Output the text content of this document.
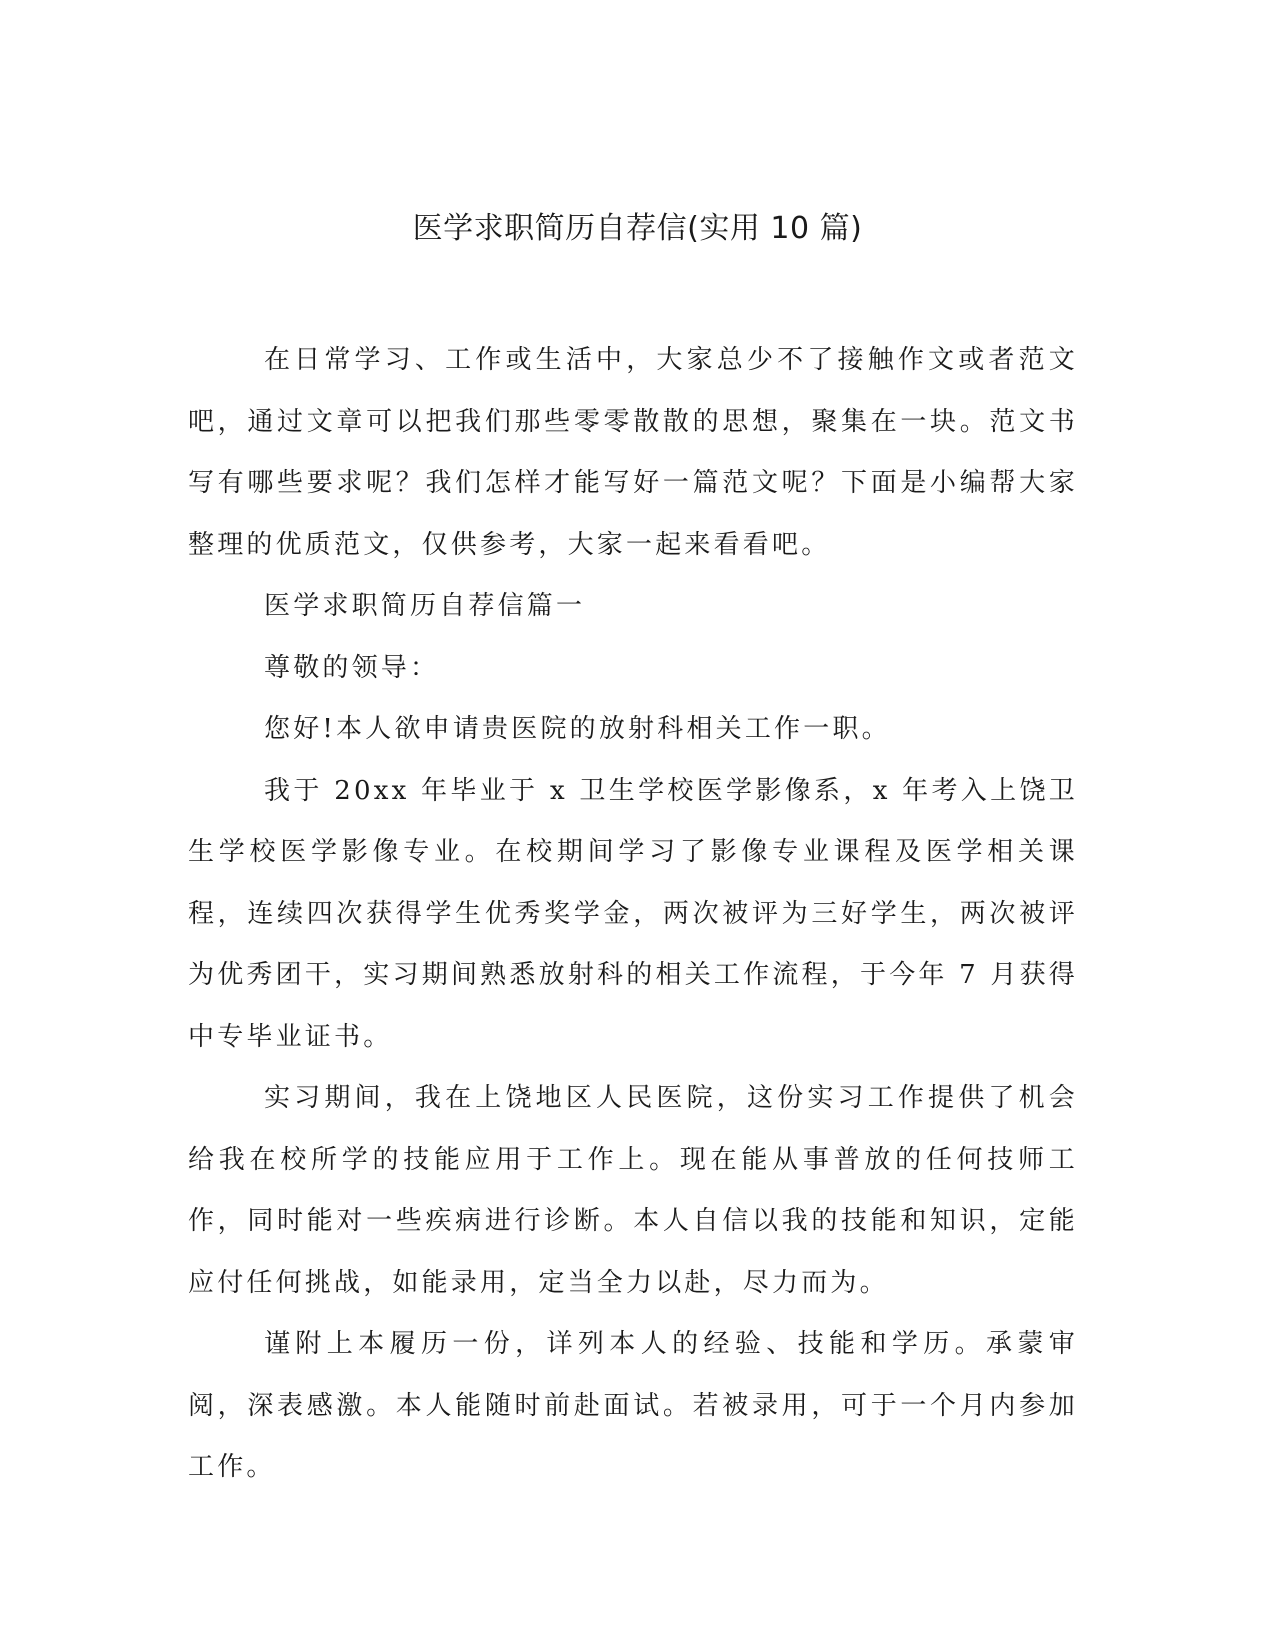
医学求职简历自荐信(实用 10 篇)

在日常学习、工作或生活中，大家总少不了接触作文或者范文吧，通过文章可以把我们那些零零散散的思想，聚集在一块。范文书写有哪些要求呢？我们怎样才能写好一篇范文呢？下面是小编帮大家整理的优质范文，仅供参考，大家一起来看看吧。

医学求职简历自荐信篇一

尊敬的领导：

您好!本人欲申请贵医院的放射科相关工作一职。

我于 20xx 年毕业于 x 卫生学校医学影像系，x 年考入上饶卫生学校医学影像专业。在校期间学习了影像专业课程及医学相关课程，连续四次获得学生优秀奖学金，两次被评为三好学生，两次被评为优秀团干，实习期间熟悉放射科的相关工作流程，于今年 7 月获得中专毕业证书。

实习期间，我在上饶地区人民医院，这份实习工作提供了机会给我在校所学的技能应用于工作上。现在能从事普放的任何技师工作，同时能对一些疾病进行诊断。本人自信以我的技能和知识，定能应付任何挑战，如能录用，定当全力以赴，尽力而为。

谨附上本履历一份，详列本人的经验、技能和学历。承蒙审阅，深表感激。本人能随时前赴面试。若被录用，可于一个月内参加工作。
